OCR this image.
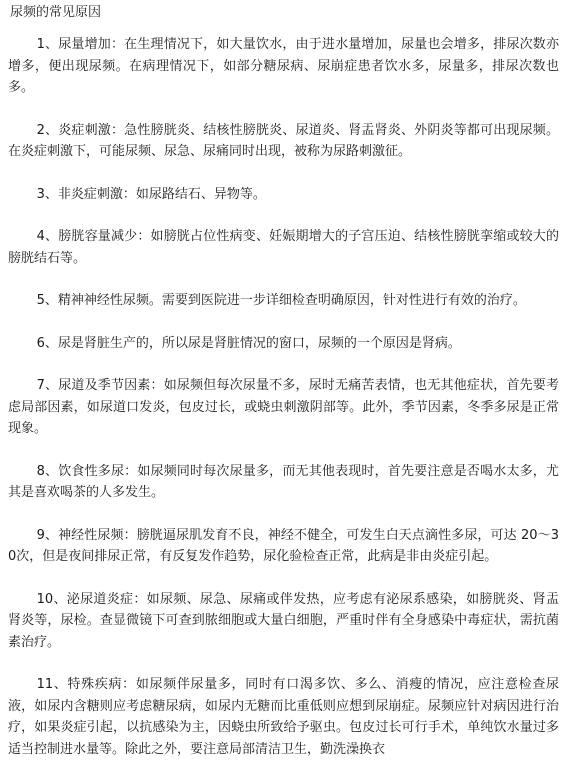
尿频的常见原因

1、尿量增加：在生理情况下，如大量饮水，由于进水量增加，尿量也会增多，排尿次数亦增多，便出现尿频。在病理情况下，如部分糖尿病、尿崩症患者饮水多，尿量多，排尿次数也多。

2、炎症刺激：急性膀胱炎、结核性膀胱炎、尿道炎、肾盂肾炎、外阴炎等都可出现尿频。在炎症刺激下，可能尿频、尿急、尿痛同时出现，被称为尿路刺激征。

3、非炎症刺激：如尿路结石、异物等。

4、膀胱容量减少：如膀胱占位性病变、妊娠期增大的子宫压迫、结核性膀胱挛缩或较大的膀胱结石等。

5、精神神经性尿频。需要到医院进一步详细检查明确原因，针对性进行有效的治疗。

6、尿是肾脏生产的，所以尿是肾脏情况的窗口，尿频的一个原因是肾病。

7、尿道及季节因素：如尿频但每次尿量不多，尿时无痛苦表情，也无其他症状，首先要考虑局部因素，如尿道口发炎，包皮过长，或蛲虫刺激阴部等。此外，季节因素，冬季多尿是正常现象。

8、饮食性多尿：如尿频同时每次尿量多，而无其他表现时，首先要注意是否喝水太多，尤其是喜欢喝茶的人多发生。

9、神经性尿频：膀胱逼尿肌发育不良，神经不健全，可发生白天点滴性多尿，可达 20～30次，但是夜间排尿正常，有反复发作趋势，尿化验检查正常，此病是非由炎症引起。

10、泌尿道炎症：如尿频、尿急、尿痛或伴发热，应考虑有泌尿系感染，如膀胱炎、肾盂肾炎等，尿检。查显微镜下可查到脓细胞或大量白细胞，严重时伴有全身感染中毒症状，需抗菌素治疗。

11、特殊疾病：如尿频伴尿量多，同时有口渴多饮、多么、消瘦的情况，应注意检查尿液，如尿内含糖则应考虑糖尿病，如尿内无糖而比重低则应想到尿崩症。尿频应针对病因进行治疗，如果炎症引起，以抗感染为主，因蛲虫所致给予驱虫。包皮过长可行手术，单纯饮水量过多适当控制进水量等。除此之外，要注意局部清洁卫生，勤洗澡换衣
